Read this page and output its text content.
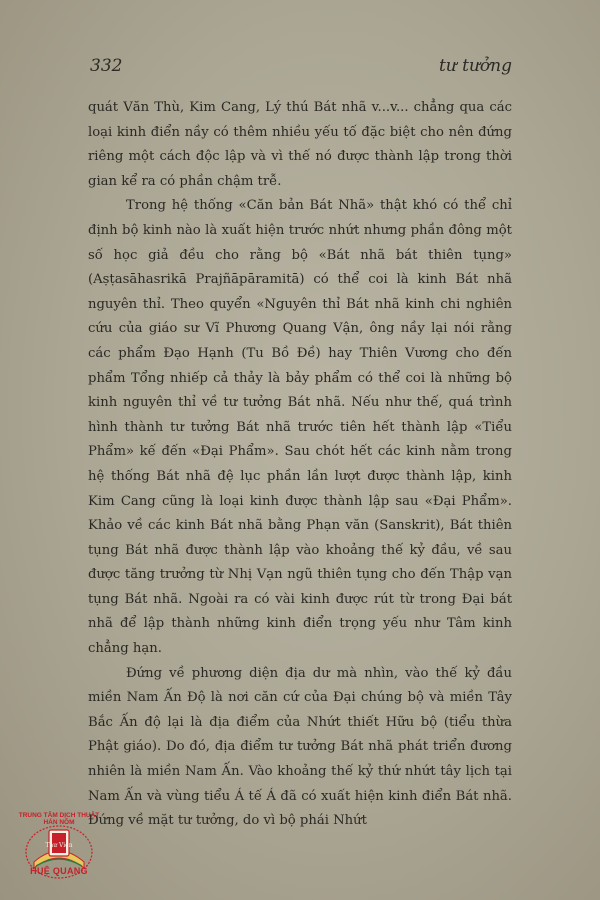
332	tư tưởng

quát Văn Thù, Kim Cang, Lý thú Bát nhã v...v... chẳng qua các loại kinh điển nầy có thêm nhiều yếu tố đặc biệt cho nên đứng riêng một cách độc lập và vì thế nó được thành lập trong thời gian kể ra có phần chậm trễ.

Trong hệ thống «Căn bản Bát Nhã» thật khó có thể chỉ định bộ kinh nào là xuất hiện trước nhứt nhưng phần đông một số học giả đều cho rằng bộ «Bát nhã bát thiên tụng» (Aṣṭasāhasrikā Prajñāpāramitā) có thể coi là kinh Bát nhã nguyên thỉ. Theo quyển «Nguyên thỉ Bát nhã kinh chi nghiên cứu của giáo sư Vĩ Phương Quang Vận, ông nầy lại nói rằng các phẩm Đạo Hạnh (Tu Bồ Đề) hay Thiên Vương cho đến phẩm Tổng nhiếp cả thảy là bảy phẩm có thể coi là những bộ kinh nguyên thỉ về tư tưởng Bát nhã. Nếu như thế, quá trình hình thành tư tưởng Bát nhã trước tiên hết thành lập «Tiểu Phẩm» kế đến «Đại Phẩm». Sau chót hết các kinh nằm trong hệ thống Bát nhã đệ lục phần lần lượt được thành lập, kinh Kim Cang cũng là loại kinh được thành lập sau «Đại Phẩm». Khảo về các kinh Bát nhã bằng Phạn văn (Sanskrit), Bát thiên tụng Bát nhã được thành lập vào khoảng thế kỷ đầu, về sau được tăng trưởng từ Nhị Vạn ngũ thiên tụng cho đến Thập vạn tụng Bát nhã. Ngoài ra có vài kinh được rút từ trong Đại bát nhã để lập thành những kinh điển trọng yếu như Tâm kinh chẳng hạn.

Đứng về phương diện địa dư mà nhìn, vào thế kỷ đầu miền Nam Ấn Độ là nơi căn cứ của Đại chúng bộ và miền Tây Bắc Ấn độ lại là địa điểm của Nhứt thiết Hữu bộ (tiểu thừa Phật giáo). Do đó, địa điểm tư tưởng Bát nhã phát triển đương nhiên là miền Nam Ấn. Vào khoảng thế kỷ thứ nhứt tây lịch tại Nam Ấn và vùng tiểu Á tế Á đã có xuất hiện kinh điển Bát nhã. Đứng về mặt tư tưởng, do vì bộ phái Nhứt

TRUNG TÂM DỊCH THUẬT HÁN NÔM
Thư Viện
HUỆ QUANG
